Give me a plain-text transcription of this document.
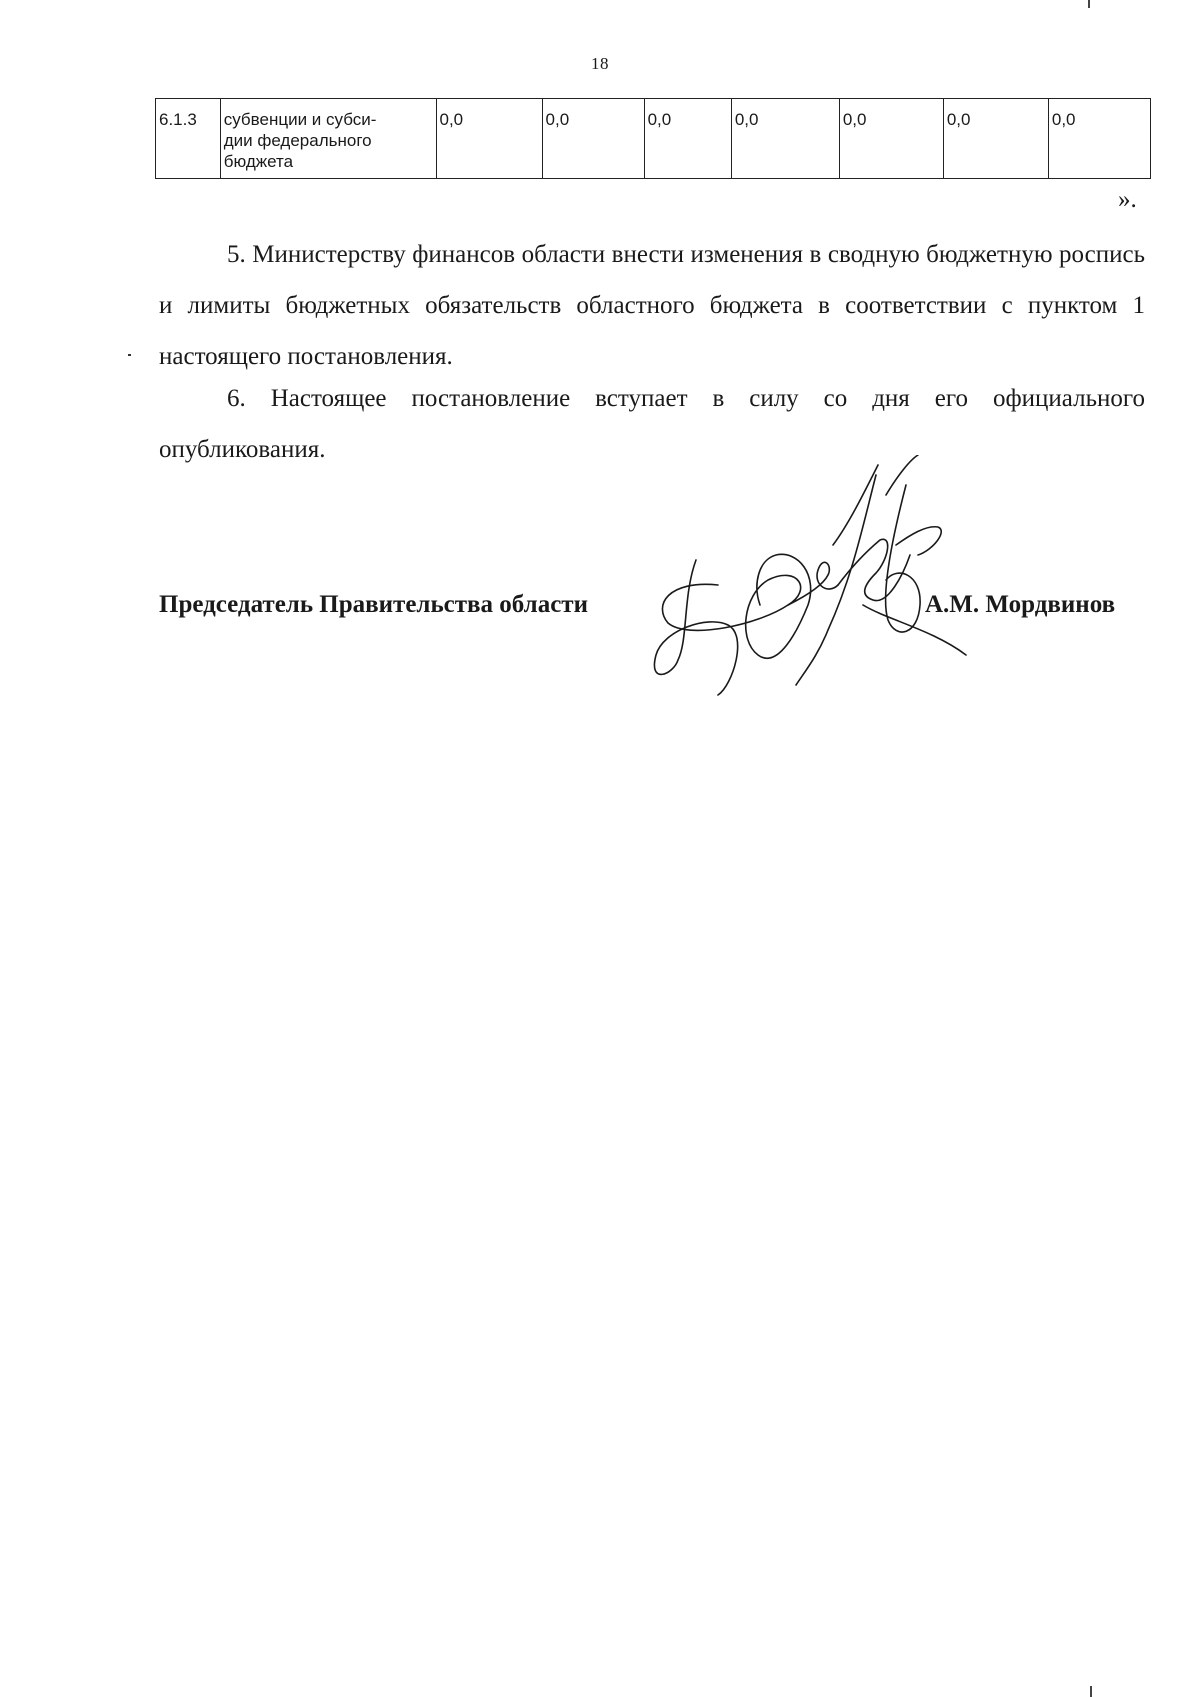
18
6.1.3	субвенции и субси-
дии федерального
бюджета	0,0	0,0	0,0	0,0	0,0	0,0	0,0
».

5. Министерству финансов области внести изменения в сводную бюджетную роспись и лимиты бюджетных обязательств областного бюджета в соответствии с пунктом 1 настоящего постановления.

6. Настоящее постановление вступает в силу со дня его официального опубликования.

Председатель Правительства области	А.М. Мордвинов
